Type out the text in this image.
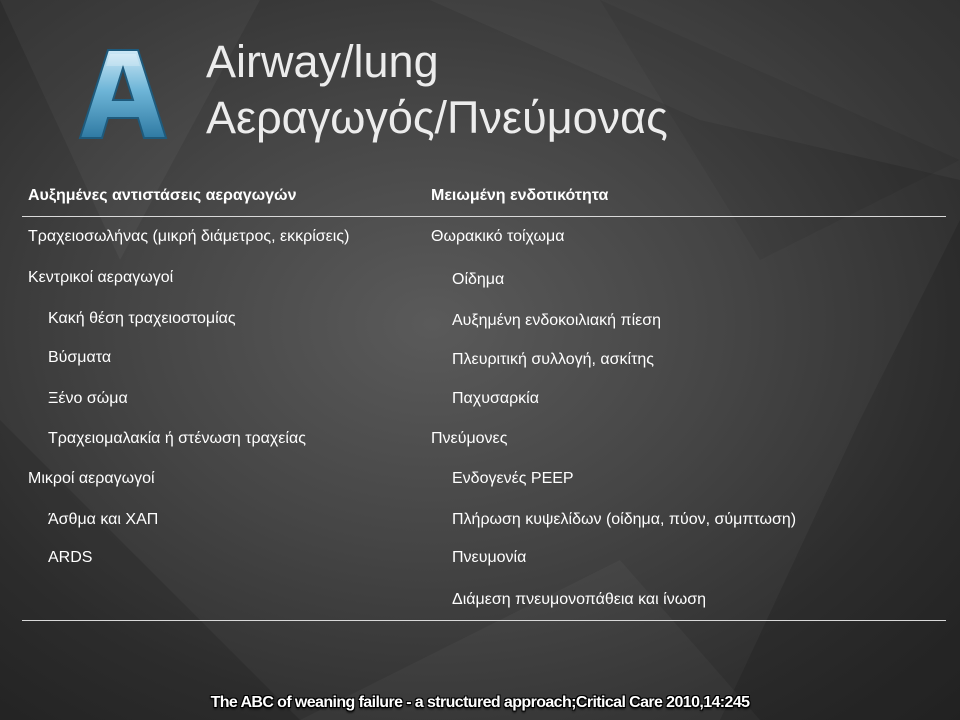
Airway/lung
Αεραγωγός/Πνεύμονας
Αυξημένες αντιστάσεις αεραγωγών
Τραχειοσωλήνας (μικρή διάμετρος, εκκρίσεις)
Κεντρικοί αεραγωγοί
Κακή θέση τραχειοστομίας
Βύσματα
Ξένο σώμα
Τραχειομαλακία ή στένωση τραχείας
Μικροί αεραγωγοί
Άσθμα και ΧΑΠ
ARDS
Μειωμένη ενδοτικότητα
Θωρακικό τοίχωμα
Οίδημα
Αυξημένη ενδοκοιλιακή πίεση
Πλευριτική συλλογή, ασκίτης
Παχυσαρκία
Πνεύμονες
Ενδογενές PEEP
Πλήρωση κυψελίδων (οίδημα, πύον, σύμπτωση)
Πνευμονία
Διάμεση πνευμονοπάθεια και ίνωση
The ABC of weaning failure - a structured approach;Critical Care 2010,14:245
